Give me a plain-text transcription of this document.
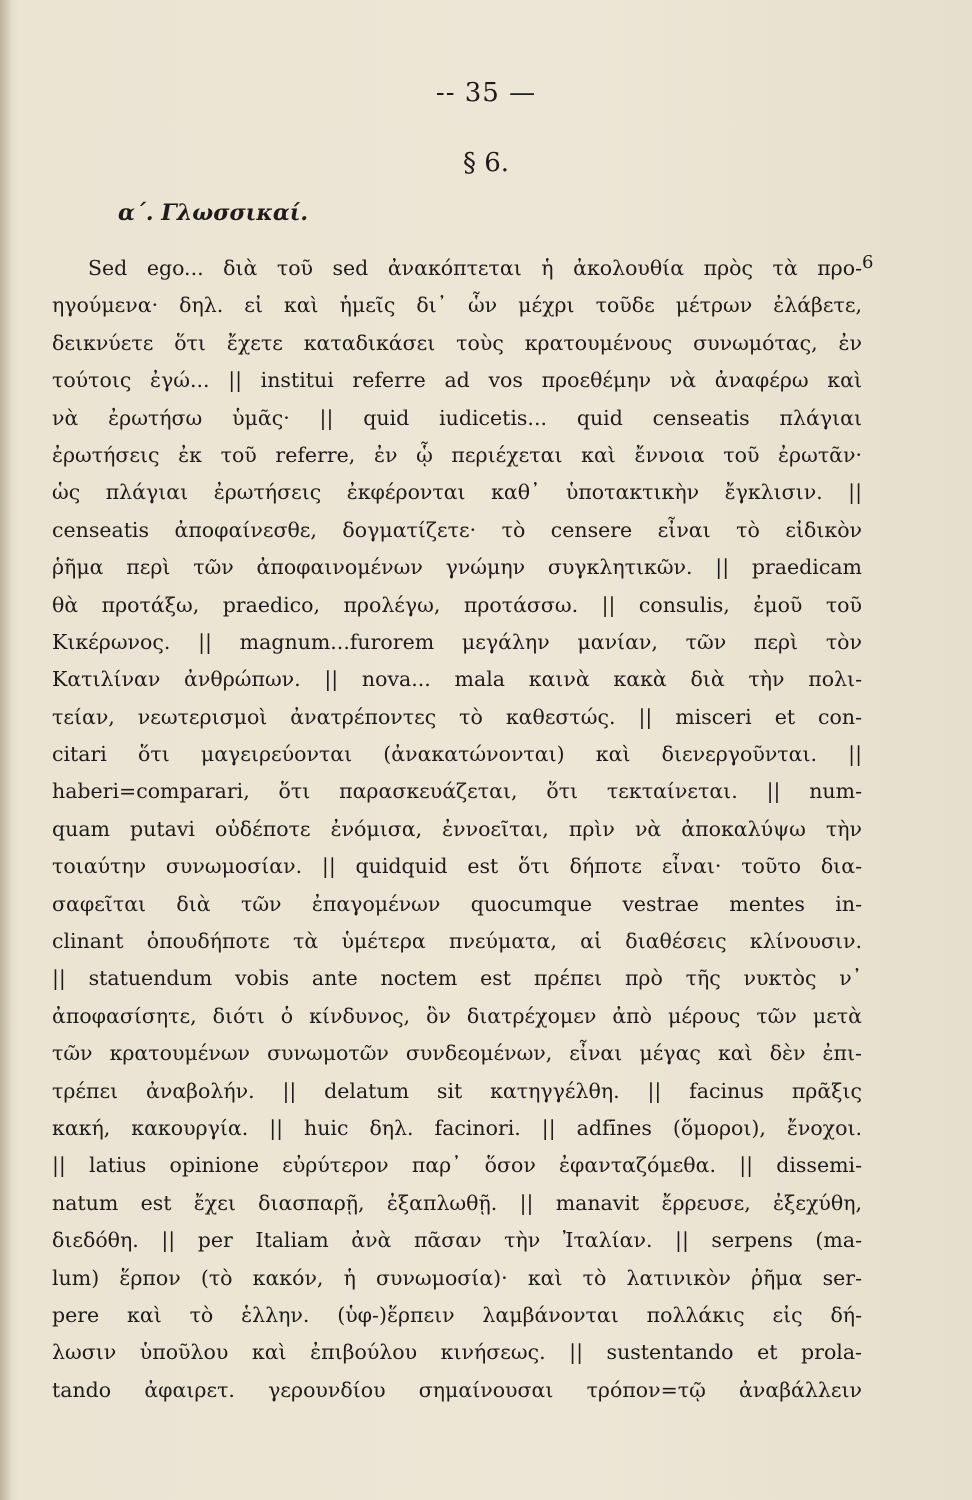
-- 35 —
§ 6.
α΄. Γλωσσικαί.
6
Sed ego... διὰ τοῦ sed ἀνακόπτεται ἡ ἀκολουθία πρὸς τὰ προ-
ηγούμενα· δηλ. εἰ καὶ ἡμεῖς δι᾽ ὧν μέχρι τοῦδε μέτρων ἐλάβετε,
δεικνύετε ὅτι ἔχετε καταδικάσει τοὺς κρατουμένους συνωμότας, ἐν
τούτοις ἐγώ... || institui referre ad vos προεθέμην νὰ ἀναφέρω καὶ
νὰ ἐρωτήσω ὑμᾶς· || quid iudicetis... quid censeatis πλάγιαι
ἐρωτήσεις ἐκ τοῦ referre, ἐν ᾧ περιέχεται καὶ ἔννοια τοῦ ἐρωτᾶν·
ὡς πλάγιαι ἐρωτήσεις ἐκφέρονται καθ᾽ ὑποτακτικὴν ἔγκλισιν. ||
censeatis ἀποφαίνεσθε, δογματίζετε· τὸ censere εἶναι τὸ εἰδικὸν
ῥῆμα περὶ τῶν ἀποφαινομένων γνώμην συγκλητικῶν. || praedicam
θὰ προτάξω, praedico, προλέγω, προτάσσω. || consulis, ἐμοῦ τοῦ
Κικέρωνος. || magnum...furorem μεγάλην μανίαν, τῶν περὶ τὸν
Κατιλίναν ἀνθρώπων. || nova... mala καινὰ κακὰ διὰ τὴν πολι-
τείαν, νεωτερισμοὶ ἀνατρέποντες τὸ καθεστώς. || misceri et con-
citari ὅτι μαγειρεύονται (ἀνακατώνονται) καὶ διενεργοῦνται. ||
haberi=comparari, ὅτι παρασκευάζεται, ὅτι τεκταίνεται. || num-
quam putavi οὐδέποτε ἐνόμισα, ἐννοεῖται, πρὶν νὰ ἀποκαλύψω τὴν
τοιαύτην συνωμοσίαν. || quidquid est ὅτι δήποτε εἶναι· τοῦτο δια-
σαφεῖται διὰ τῶν ἐπαγομένων quocumque vestrae mentes in-
clinant ὁπουδήποτε τὰ ὑμέτερα πνεύματα, αἱ διαθέσεις κλίνουσιν.
|| statuendum vobis ante noctem est πρέπει πρὸ τῆς νυκτὸς ν᾽
ἀποφασίσητε, διότι ὁ κίνδυνος, ὃν διατρέχομεν ἀπὸ μέρους τῶν μετὰ
τῶν κρατουμένων συνωμοτῶν συνδεομένων, εἶναι μέγας καὶ δὲν ἐπι-
τρέπει ἀναβολήν. || delatum sit κατηγγέλθη. || facinus πρᾶξις
κακή, κακουργία. || huic δηλ. facinori. || adfīnes (ὅμοροι), ἔνοχοι.
|| latius opinione εὐρύτερον παρ᾽ ὅσον ἐφανταζόμεθα. || dissemi-
natum est ἔχει διασπαρῇ, ἐξαπλωθῇ. || manavit ἔρρευσε, ἐξεχύθη,
διεδόθη. || per Italiam ἀνὰ πᾶσαν τὴν Ἰταλίαν. || serpens (ma-
lum) ἕρπον (τὸ κακόν, ἡ συνωμοσία)· καὶ τὸ λατινικὸν ῥῆμα ser-
pere καὶ τὸ ἑλλην. (ὑφ-)ἕρπειν λαμβάνονται πολλάκις εἰς δή-
λωσιν ὑποῦλου καὶ ἐπιβούλου κινήσεως. || sustentando et prola-
tando ἀφαιρετ. γερουνδίου σημαίνουσαι τρόπον=τῷ ἀναβάλλειν
